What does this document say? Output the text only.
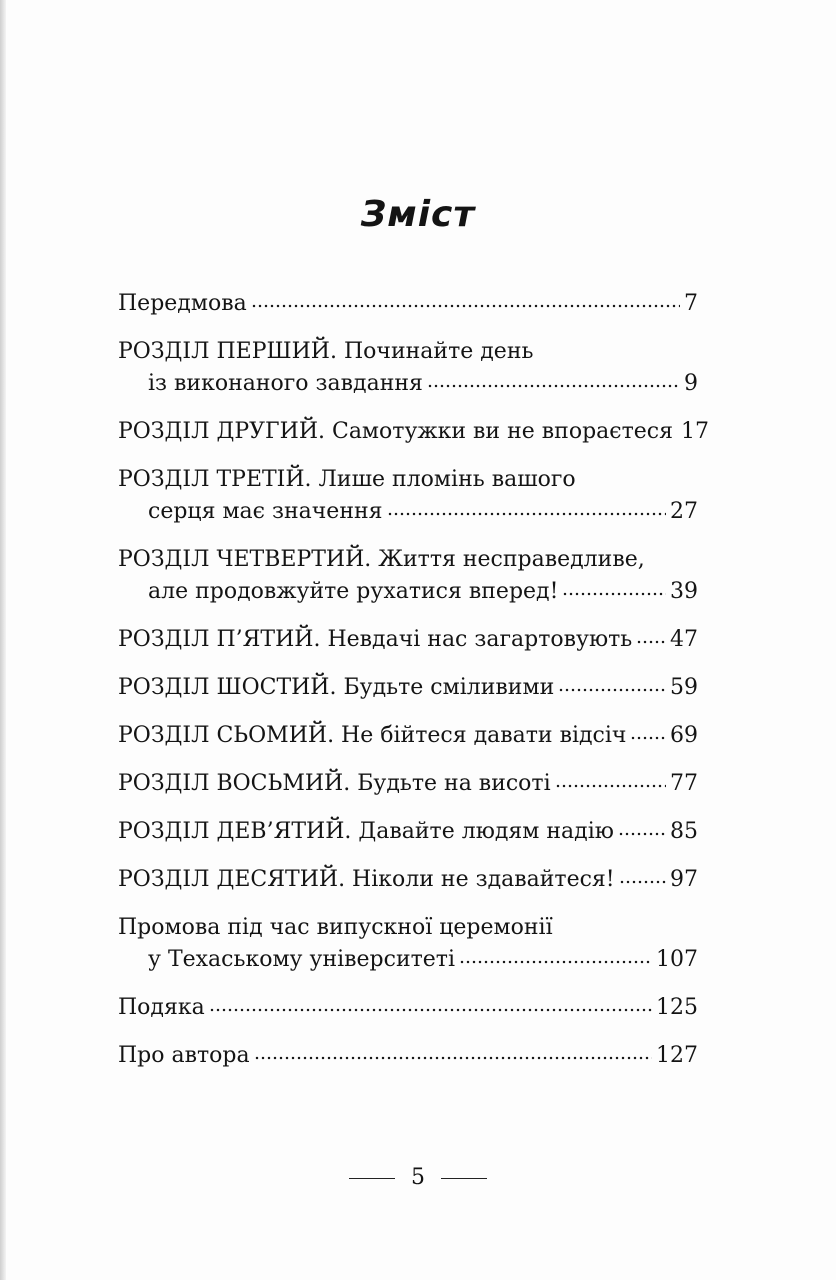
Зміст
Передмова	7
РОЗДІЛ ПЕРШИЙ. Починайте день
із виконаного завдання	9
РОЗДІЛ ДРУГИЙ. Самотужки ви не впораєтеся 17
РОЗДІЛ ТРЕТІЙ. Лише пломінь вашого
серця має значення	27
РОЗДІЛ ЧЕТВЕРТИЙ. Життя несправедливе,
але продовжуйте рухатися вперед!	39
РОЗДІЛ П’ЯТИЙ. Невдачі нас загартовують 47
РОЗДІЛ ШОСТИЙ. Будьте сміливими	59
РОЗДІЛ СЬОМИЙ. Не бійтеся давати відсіч 69
РОЗДІЛ ВОСЬМИЙ. Будьте на висоті	77
РОЗДІЛ ДЕВ’ЯТИЙ. Давайте людям надію	85
РОЗДІЛ ДЕСЯТИЙ. Ніколи не здавайтеся!	97
Промова під час випускної церемонії
у Техаському університеті	107
Подяка	125
Про автора	127
5
